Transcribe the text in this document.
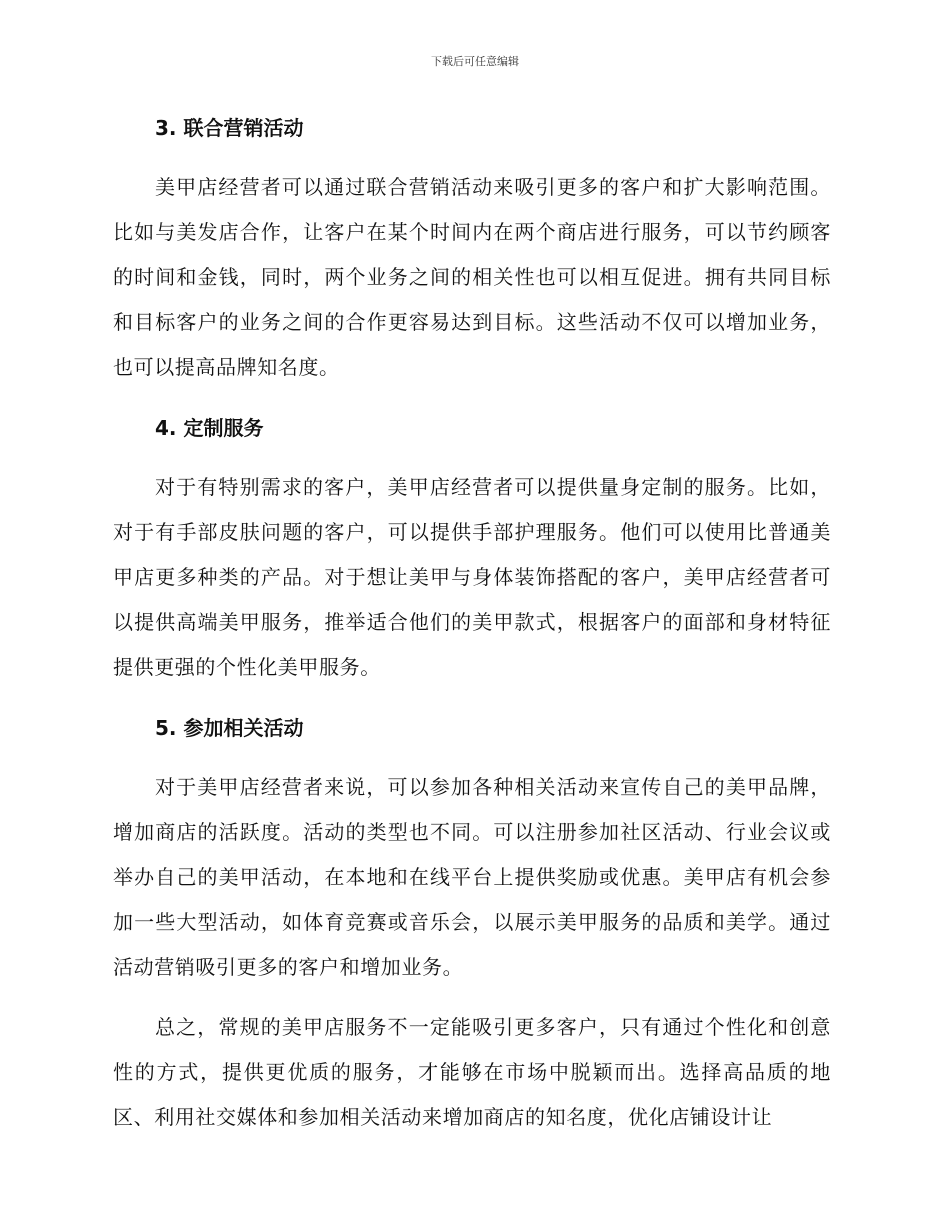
下载后可任意编辑

3. 联合营销活动

美甲店经营者可以通过联合营销活动来吸引更多的客户和扩大影响范围。比如与美发店合作，让客户在某个时间内在两个商店进行服务，可以节约顾客的时间和金钱，同时，两个业务之间的相关性也可以相互促进。拥有共同目标和目标客户的业务之间的合作更容易达到目标。这些活动不仅可以增加业务，也可以提高品牌知名度。

4. 定制服务

对于有特别需求的客户，美甲店经营者可以提供量身定制的服务。比如，对于有手部皮肤问题的客户，可以提供手部护理服务。他们可以使用比普通美甲店更多种类的产品。对于想让美甲与身体装饰搭配的客户，美甲店经营者可以提供高端美甲服务，推举适合他们的美甲款式，根据客户的面部和身材特征提供更强的个性化美甲服务。

5. 参加相关活动

对于美甲店经营者来说，可以参加各种相关活动来宣传自己的美甲品牌，增加商店的活跃度。活动的类型也不同。可以注册参加社区活动、行业会议或举办自己的美甲活动，在本地和在线平台上提供奖励或优惠。美甲店有机会参加一些大型活动，如体育竞赛或音乐会，以展示美甲服务的品质和美学。通过活动营销吸引更多的客户和增加业务。

总之，常规的美甲店服务不一定能吸引更多客户，只有通过个性化和创意性的方式，提供更优质的服务，才能够在市场中脱颖而出。选择高品质的地区、利用社交媒体和参加相关活动来增加商店的知名度，优化店铺设计让
